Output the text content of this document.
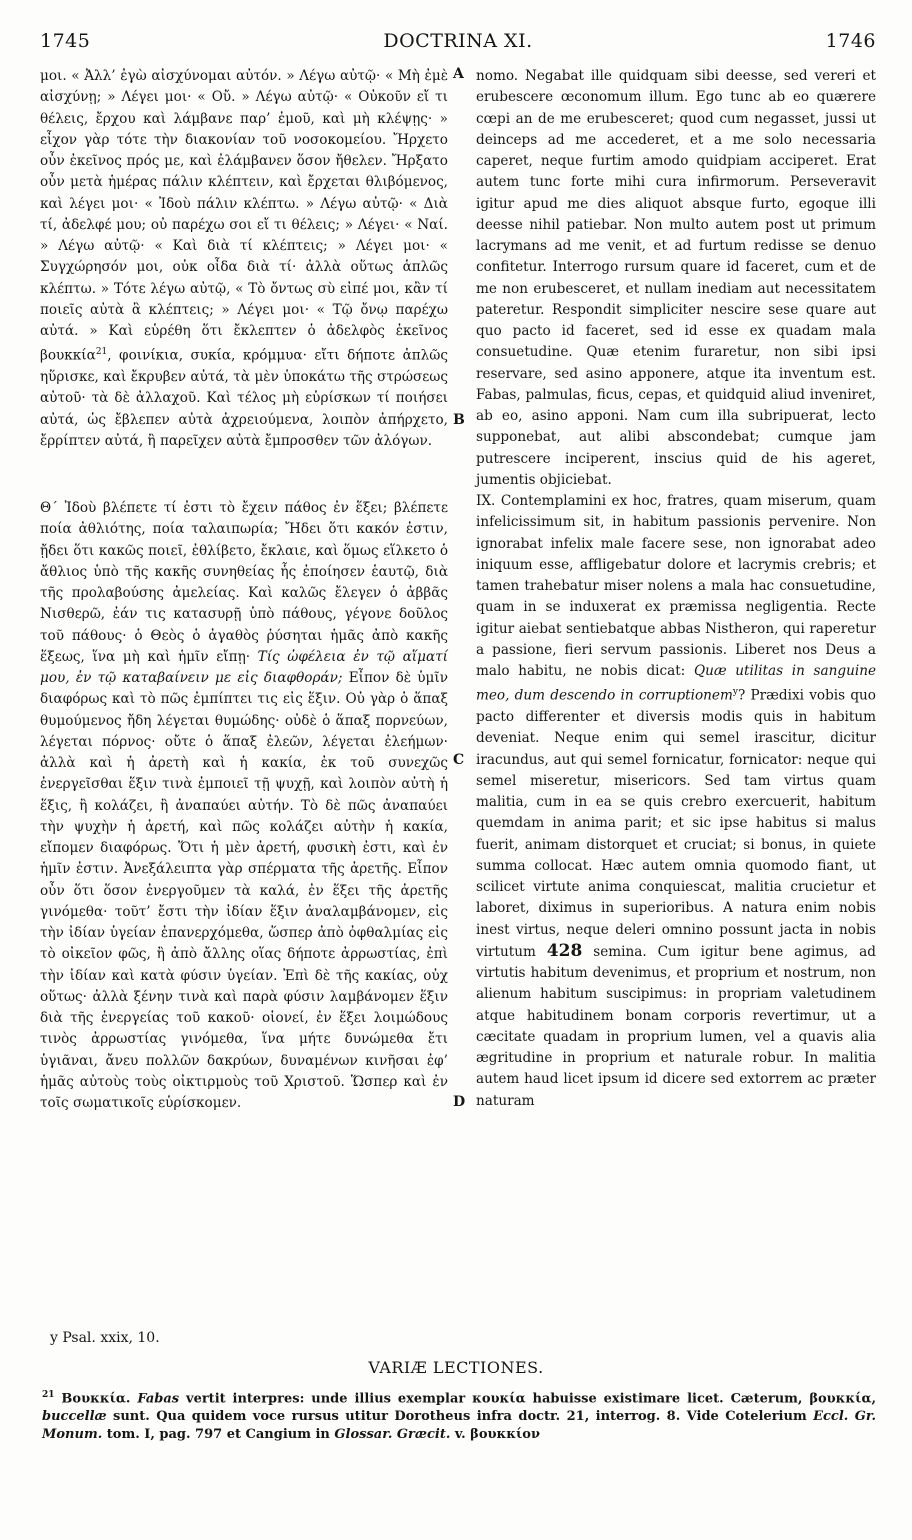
1745	DOCTRINA XI.	1746

μοι. « Ἀλλ’ ἐγὼ αἰσχύνομαι αὐτόν. » Λέγω αὐτῷ· « Μὴ ἐμὲ αἰσχύνῃ; » Λέγει μοι· « Οὔ. » Λέγω αὐτῷ· « Οὐκοῦν εἴ τι θέλεις, ἔρχου καὶ λάμβανε παρ’ ἐμοῦ, καὶ μὴ κλέψῃς· » εἶχον γὰρ τότε τὴν διακονίαν τοῦ νοσοκομείου. Ἤρχετο οὖν ἐκεῖνος πρός με, καὶ ἐλάμβανεν ὅσον ἤθελεν. Ἤρξατο οὖν μετὰ ἡμέρας πάλιν κλέπτειν, καὶ ἔρχεται θλιβόμενος, καὶ λέγει μοι· « Ἰδοὺ πάλιν κλέπτω. » Λέγω αὐτῷ· « Διὰ τί, ἀδελφέ μου; οὐ παρέχω σοι εἴ τι θέλεις; » Λέγει· « Ναί. » Λέγω αὐτῷ· « Καὶ διὰ τί κλέπτεις; » Λέγει μοι· « Συγχώρησόν μοι, οὐκ οἶδα διὰ τί· ἀλλὰ οὕτως ἁπλῶς κλέπτω. » Τότε λέγω αὐτῷ, « Τὸ ὄντως σὺ εἰπέ μοι, κἂν τί ποιεῖς αὐτὰ ἃ κλέπτεις; » Λέγει μοι· « Τῷ ὄνῳ παρέχω αὐτά. » Καὶ εὑρέθη ὅτι ἔκλεπτεν ὁ ἀδελφὸς ἐκεῖνος βουκκία$^{21}$, φοινίκια, συκία, κρόμμυα· εἴτι δήποτε ἁπλῶς ηὕρισκε, καὶ ἔκρυβεν αὐτά, τὰ μὲν ὑποκάτω τῆς στρώσεως αὐτοῦ· τὰ δὲ ἀλλαχοῦ. Καὶ τέλος μὴ εὑρίσκων τί ποιήσει αὐτά, ὡς ἔβλεπεν αὐτὰ ἀχρειούμενα, λοιπὸν ἀπήρχετο, ἔρρίπτεν αὐτά, ἢ παρεῖχεν αὐτὰ ἔμπροσθεν τῶν ἀλόγων.

Θ΄ Ἰδοὺ βλέπετε τί ἐστι τὸ ἔχειν πάθος ἐν ἕξει; βλέπετε ποία ἀθλιότης, ποία ταλαιπωρία; Ἤδει ὅτι κακόν ἐστιν, ᾔδει ὅτι κακῶς ποιεῖ, ἐθλίβετο, ἔκλαιε, καὶ ὅμως εἵλκετο ὁ ἄθλιος ὑπὸ τῆς κακῆς συνηθείας ἧς ἐποίησεν ἑαυτῷ, διὰ τῆς προλαβούσης ἀμελείας. Καὶ καλῶς ἔλεγεν ὁ ἀββᾶς Νισθερῶ, ἐάν τις κατασυρῇ ὑπὸ πάθους, γέγονε δοῦλος τοῦ πάθους· ὁ Θεὸς ὁ ἀγαθὸς ῥύσηται ἡμᾶς ἀπὸ κακῆς ἕξεως, ἵνα μὴ καὶ ἡμῖν εἴπῃ· Τίς ὠφέλεια ἐν τῷ αἵματί μου, ἐν τῷ καταβαίνειν με εἰς διαφθοράν; Εἶπον δὲ ὑμῖν διαφόρως καὶ τὸ πῶς ἐμπίπτει τις εἰς ἕξιν. Οὐ γὰρ ὁ ἅπαξ θυμούμενος ἤδη λέγεται θυμώδης· οὐδὲ ὁ ἅπαξ πορνεύων, λέγεται πόρνος· οὔτε ὁ ἅπαξ ἐλεῶν, λέγεται ἐλεήμων· ἀλλὰ καὶ ἡ ἀρετὴ καὶ ἡ κακία, ἐκ τοῦ συνεχῶς ἐνεργεῖσθαι ἕξιν τινὰ ἐμποιεῖ τῇ ψυχῇ, καὶ λοιπὸν αὐτὴ ἡ ἕξις, ἢ κολάζει, ἢ ἀναπαύει αὐτήν. Τὸ δὲ πῶς ἀναπαύει τὴν ψυχὴν ἡ ἀρετή, καὶ πῶς κολάζει αὐτὴν ἡ κακία, εἴπομεν διαφόρως. Ὅτι ἡ μὲν ἀρετή, φυσικὴ ἐστι, καὶ ἐν ἡμῖν ἐστιν. Ἀνεξάλειπτα γὰρ σπέρματα τῆς ἀρετῆς. Εἶπον οὖν ὅτι ὅσον ἐνεργοῦμεν τὰ καλά, ἐν ἕξει τῆς ἀρετῆς γινόμεθα· τοῦτ’ ἔστι τὴν ἰδίαν ἕξιν ἀναλαμβάνομεν, εἰς τὴν ἰδίαν ὑγείαν ἐπανερχόμεθα, ὥσπερ ἀπὸ ὀφθαλμίας εἰς τὸ οἰκεῖον φῶς, ἢ ἀπὸ ἄλλης οἵας δήποτε ἀρρωστίας, ἐπὶ τὴν ἰδίαν καὶ κατὰ φύσιν ὑγείαν. Ἐπὶ δὲ τῆς κακίας, οὐχ οὕτως· ἀλλὰ ξένην τινὰ καὶ παρὰ φύσιν λαμβάνομεν ἕξιν διὰ τῆς ἐνεργείας τοῦ κακοῦ· οἱονεί, ἐν ἕξει λοιμώδους τινὸς ἀρρωστίας γινόμεθα, ἵνα μήτε δυνώμεθα ἔτι ὑγιᾶναι, ἄνευ πολλῶν δακρύων, δυναμένων κινῆσαι ἐφ’ ἡμᾶς αὐτοὺς τοὺς οἰκτιρμοὺς τοῦ Χριστοῦ. Ὥσπερ καὶ ἐν τοῖς σωματικοῖς εὑρίσκομεν.

A
B
C
D

nomo. Negabat ille quidquam sibi deesse, sed vereri et erubescere œconomum illum. Ego tunc ab eo quærere cœpi an de me erubesceret; quod cum negasset, jussi ut deinceps ad me accederet, et a me solo necessaria caperet, neque furtim amodo quidpiam acciperet. Erat autem tunc forte mihi cura infirmorum. Perseveravit igitur apud me dies aliquot absque furto, egoque illi deesse nihil patiebar. Non multo autem post ut primum lacrymans ad me venit, et ad furtum redisse se denuo confitetur. Interrogo rursum quare id faceret, cum et de me non erubesceret, et nullam inediam aut necessitatem pateretur. Respondit simpliciter nescire sese quare aut quo pacto id faceret, sed id esse ex quadam mala consuetudine. Quæ etenim furaretur, non sibi ipsi reservare, sed asino apponere, atque ita inventum est. Fabas, palmulas, ficus, cepas, et quidquid aliud inveniret, ab eo, asino apponi. Nam cum illa subripuerat, lecto supponebat, aut alibi abscondebat; cumque jam putrescere inciperent, inscius quid de his ageret, jumentis objiciebat.

IX. Contemplamini ex hoc, fratres, quam miserum, quam infelicissimum sit, in habitum passionis pervenire. Non ignorabat infelix male facere sese, non ignorabat adeo iniquum esse, affligebatur dolore et lacrymis crebris; et tamen trahebatur miser nolens a mala hac consuetudine, quam in se induxerat ex præmissa negligentia. Recte igitur aiebat sentiebatque abbas Nistheron, qui raperetur a passione, fieri servum passionis. Liberet nos Deus a malo habitu, ne nobis dicat: Quæ utilitas in sanguine meo, dum descendo in corruptionem$^y$? Prædixi vobis quo pacto differenter et diversis modis quis in habitum deveniat. Neque enim qui semel irascitur, dicitur iracundus, aut qui semel fornicatur, fornicator: neque qui semel miseretur, misericors. Sed tam virtus quam malitia, cum in ea se quis crebro exercuerit, habitum quemdam in anima parit; et sic ipse habitus si malus fuerit, animam distorquet et cruciat; si bonus, in quiete summa collocat. Hæc autem omnia quomodo fiant, ut scilicet virtute anima conquiescat, malitia crucietur et laboret, diximus in superioribus. A natura enim nobis inest virtus, neque deleri omnino possunt jacta in nobis virtutum 428 semina. Cum igitur bene agimus, ad virtutis habitum devenimus, et proprium et nostrum, non alienum habitum suscipimus: in propriam valetudinem atque habitudinem bonam corporis revertimur, ut a cæcitate quadam in proprium lumen, vel a quavis alia ægritudine in proprium et naturale robur. In malitia autem haud licet ipsum id dicere sed extorrem ac præter naturam

y Psal. xxix, 10.
VARIÆ LECTIONES.
$^{21}$ Βουκκία. Fabas vertit interpres: unde illius exemplar κουκία habuisse existimare licet. Cæterum, βουκκία, buccellæ sunt. Qua quidem voce rursus utitur Dorotheus infra doctr. 21, interrog. 8. Vide Cotelerium Eccl. Gr. Monum. tom. I, pag. 797 et Cangium in Glossar. Græcit. v. βουκκίον
